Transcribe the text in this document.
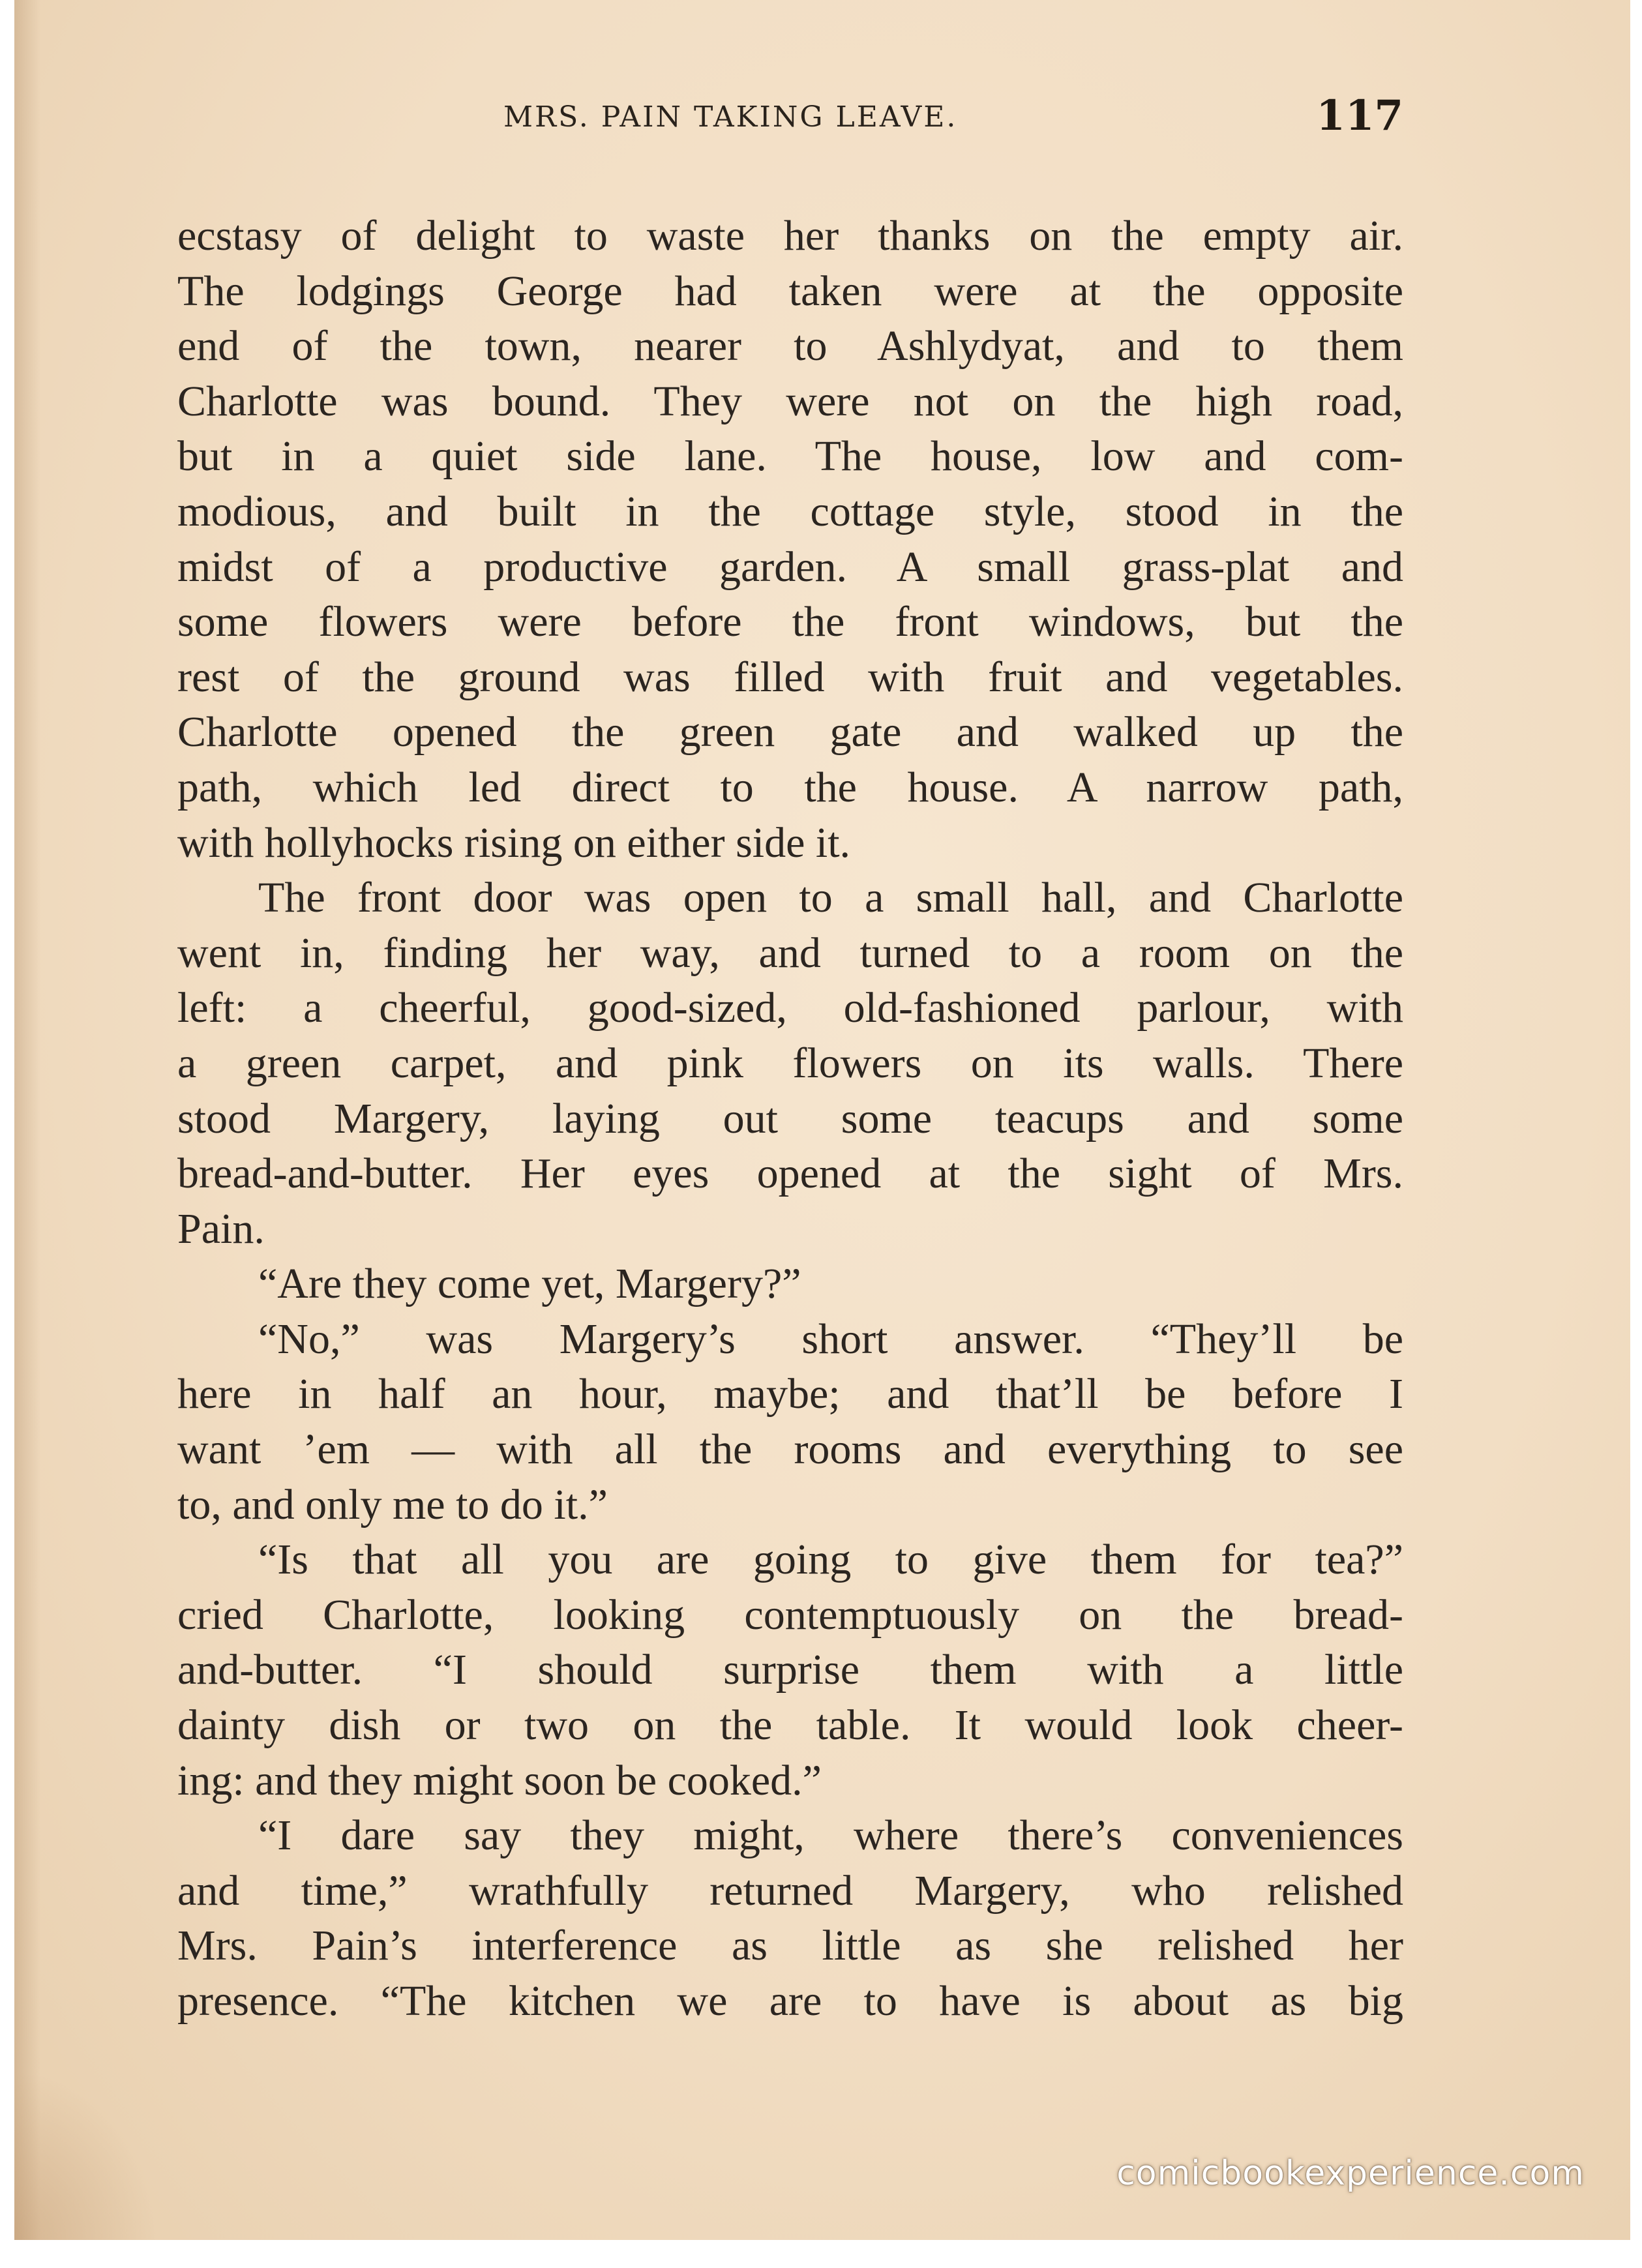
MRS. PAIN TAKING LEAVE.	117
ecstasy of delight to waste her thanks on the empty air.
The lodgings George had taken were at the opposite
end of the town, nearer to Ashlydyat, and to them
Charlotte was bound. They were not on the high road,
but in a quiet side lane. The house, low and com-
modious, and built in the cottage style, stood in the
midst of a productive garden. A small grass-plat and
some flowers were before the front windows, but the
rest of the ground was filled with fruit and vegetables.
Charlotte opened the green gate and walked up the
path, which led direct to the house. A narrow path,
with hollyhocks rising on either side it.
The front door was open to a small hall, and Charlotte
went in, finding her way, and turned to a room on the
left: a cheerful, good-sized, old-fashioned parlour, with
a green carpet, and pink flowers on its walls. There
stood Margery, laying out some teacups and some
bread-and-butter. Her eyes opened at the sight of Mrs.
Pain.
“Are they come yet, Margery?”
“No,” was Margery’s short answer. “They’ll be
here in half an hour, maybe; and that’ll be before I
want ’em — with all the rooms and everything to see
to, and only me to do it.”
“Is that all you are going to give them for tea?”
cried Charlotte, looking contemptuously on the bread-
and-butter. “I should surprise them with a little
dainty dish or two on the table. It would look cheer-
ing: and they might soon be cooked.”
“I dare say they might, where there’s conveniences
and time,” wrathfully returned Margery, who relished
Mrs. Pain’s interference as little as she relished her
presence. “The kitchen we are to have is about as big
comicbookexperience.com
